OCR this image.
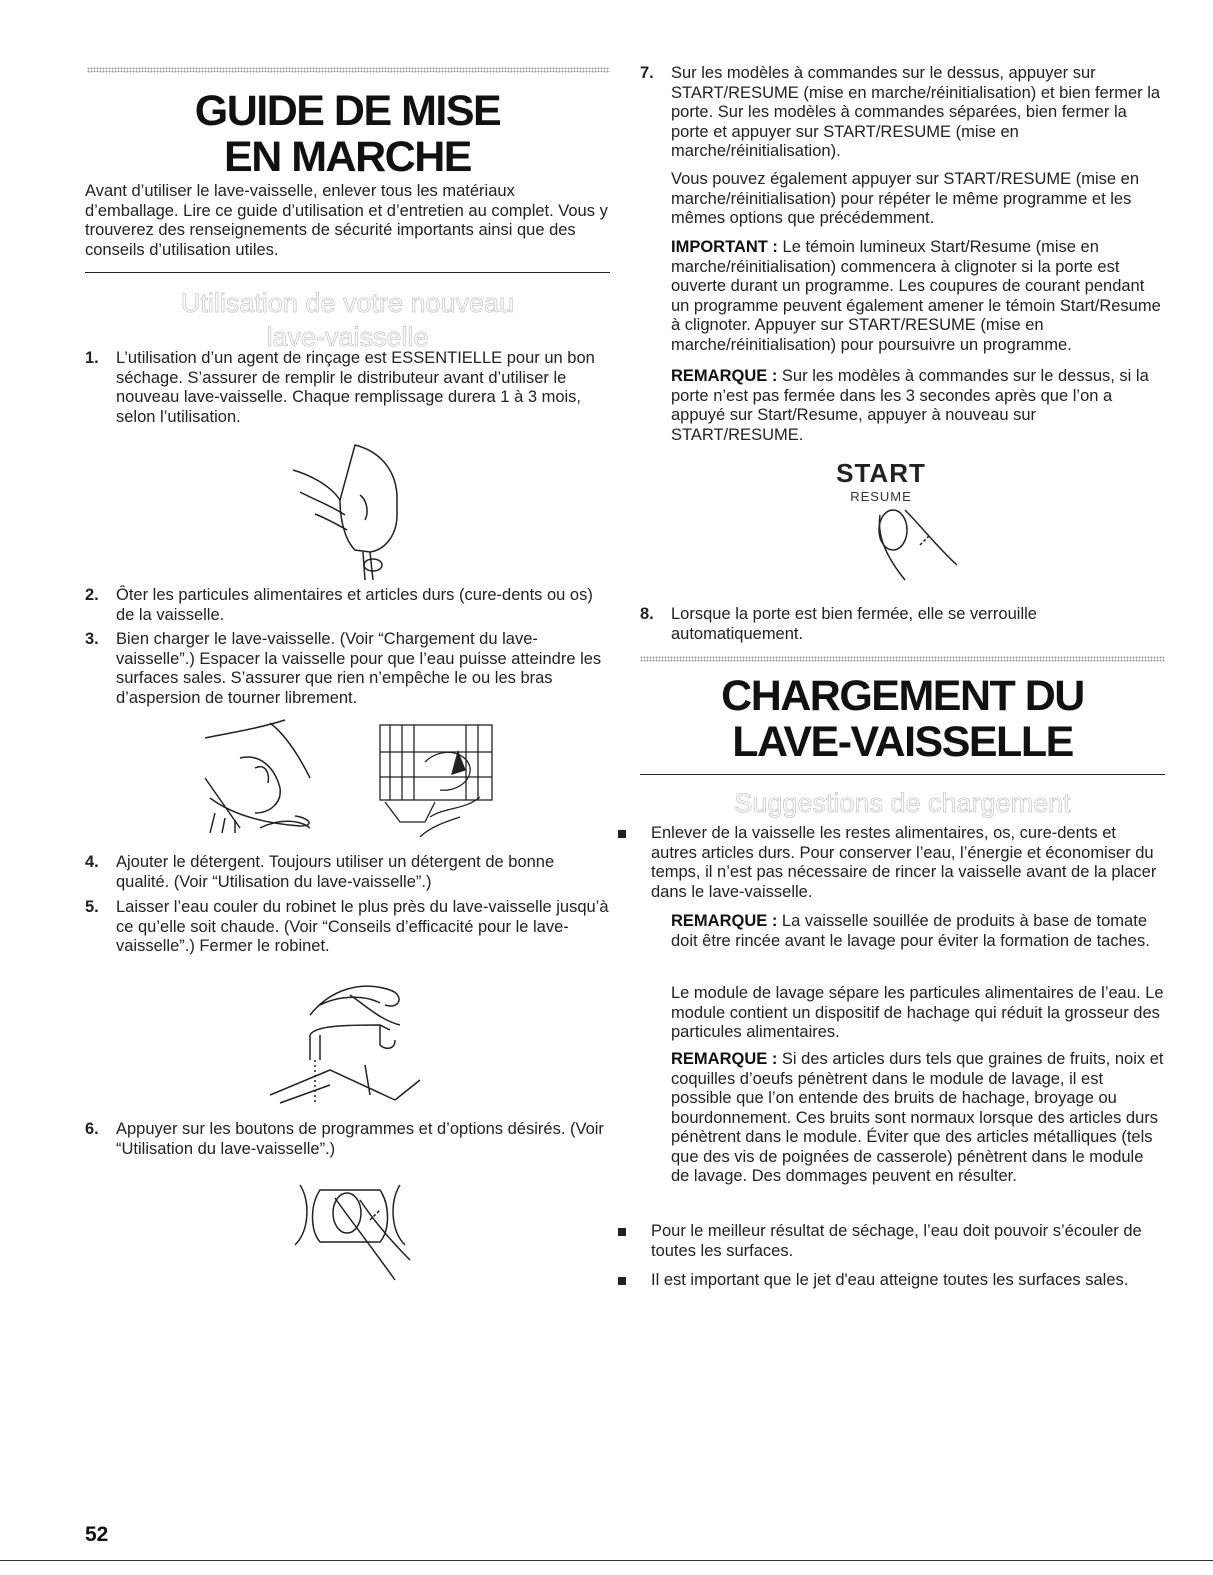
GUIDE DE MISE
EN MARCHE
Avant d’utiliser le lave-vaisselle, enlever tous les matériaux d’emballage. Lire ce guide d’utilisation et d’entretien au complet. Vous y trouverez des renseignements de sécurité importants ainsi que des conseils d’utilisation utiles.
Utilisation de votre nouveau
lave-vaisselle
1. L’utilisation d’un agent de rinçage est ESSENTIELLE pour un bon séchage. S’assurer de remplir le distributeur avant d’utiliser le nouveau lave-vaisselle. Chaque remplissage durera 1 à 3 mois, selon l’utilisation.
2. Ôter les particules alimentaires et articles durs (cure-dents ou os) de la vaisselle.
3. Bien charger le lave-vaisselle. (Voir “Chargement du lave-vaisselle”.) Espacer la vaisselle pour que l’eau puisse atteindre les surfaces sales. S’assurer que rien n’empêche le ou les bras d’aspersion de tourner librement.
4. Ajouter le détergent. Toujours utiliser un détergent de bonne qualité. (Voir “Utilisation du lave-vaisselle”.)
5. Laisser l’eau couler du robinet le plus près du lave-vaisselle jusqu’à ce qu’elle soit chaude. (Voir “Conseils d’efficacité pour le lave-vaisselle”.) Fermer le robinet.
6. Appuyer sur les boutons de programmes et d’options désirés. (Voir “Utilisation du lave-vaisselle”.)
7. Sur les modèles à commandes sur le dessus, appuyer sur START/RESUME (mise en marche/réinitialisation) et bien fermer la porte. Sur les modèles à commandes séparées, bien fermer la porte et appuyer sur START/RESUME (mise en marche/réinitialisation).
Vous pouvez également appuyer sur START/RESUME (mise en marche/réinitialisation) pour répéter le même programme et les mêmes options que précédemment.
IMPORTANT : Le témoin lumineux Start/Resume (mise en marche/réinitialisation) commencera à clignoter si la porte est ouverte durant un programme. Les coupures de courant pendant un programme peuvent également amener le témoin Start/Resume à clignoter. Appuyer sur START/RESUME (mise en marche/réinitialisation) pour poursuivre un programme.
REMARQUE : Sur les modèles à commandes sur le dessus, si la porte n’est pas fermée dans les 3 secondes après que l’on a appuyé sur Start/Resume, appuyer à nouveau sur START/RESUME.
START
RESUME
8. Lorsque la porte est bien fermée, elle se verrouille automatiquement.
CHARGEMENT DU
LAVE-VAISSELLE
Suggestions de chargement
Enlever de la vaisselle les restes alimentaires, os, cure-dents et autres articles durs. Pour conserver l’eau, l’énergie et économiser du temps, il n’est pas nécessaire de rincer la vaisselle avant de la placer dans le lave-vaisselle.
REMARQUE : La vaisselle souillée de produits à base de tomate doit être rincée avant le lavage pour éviter la formation de taches.
Le module de lavage sépare les particules alimentaires de l’eau. Le module contient un dispositif de hachage qui réduit la grosseur des particules alimentaires.
REMARQUE : Si des articles durs tels que graines de fruits, noix et coquilles d’oeufs pénètrent dans le module de lavage, il est possible que l’on entende des bruits de hachage, broyage ou bourdonnement. Ces bruits sont normaux lorsque des articles durs pénètrent dans le module. Éviter que des articles métalliques (tels que des vis de poignées de casserole) pénètrent dans le module de lavage. Des dommages peuvent en résulter.
Pour le meilleur résultat de séchage, l’eau doit pouvoir s’écouler de toutes les surfaces.
Il est important que le jet d'eau atteigne toutes les surfaces sales.
52
